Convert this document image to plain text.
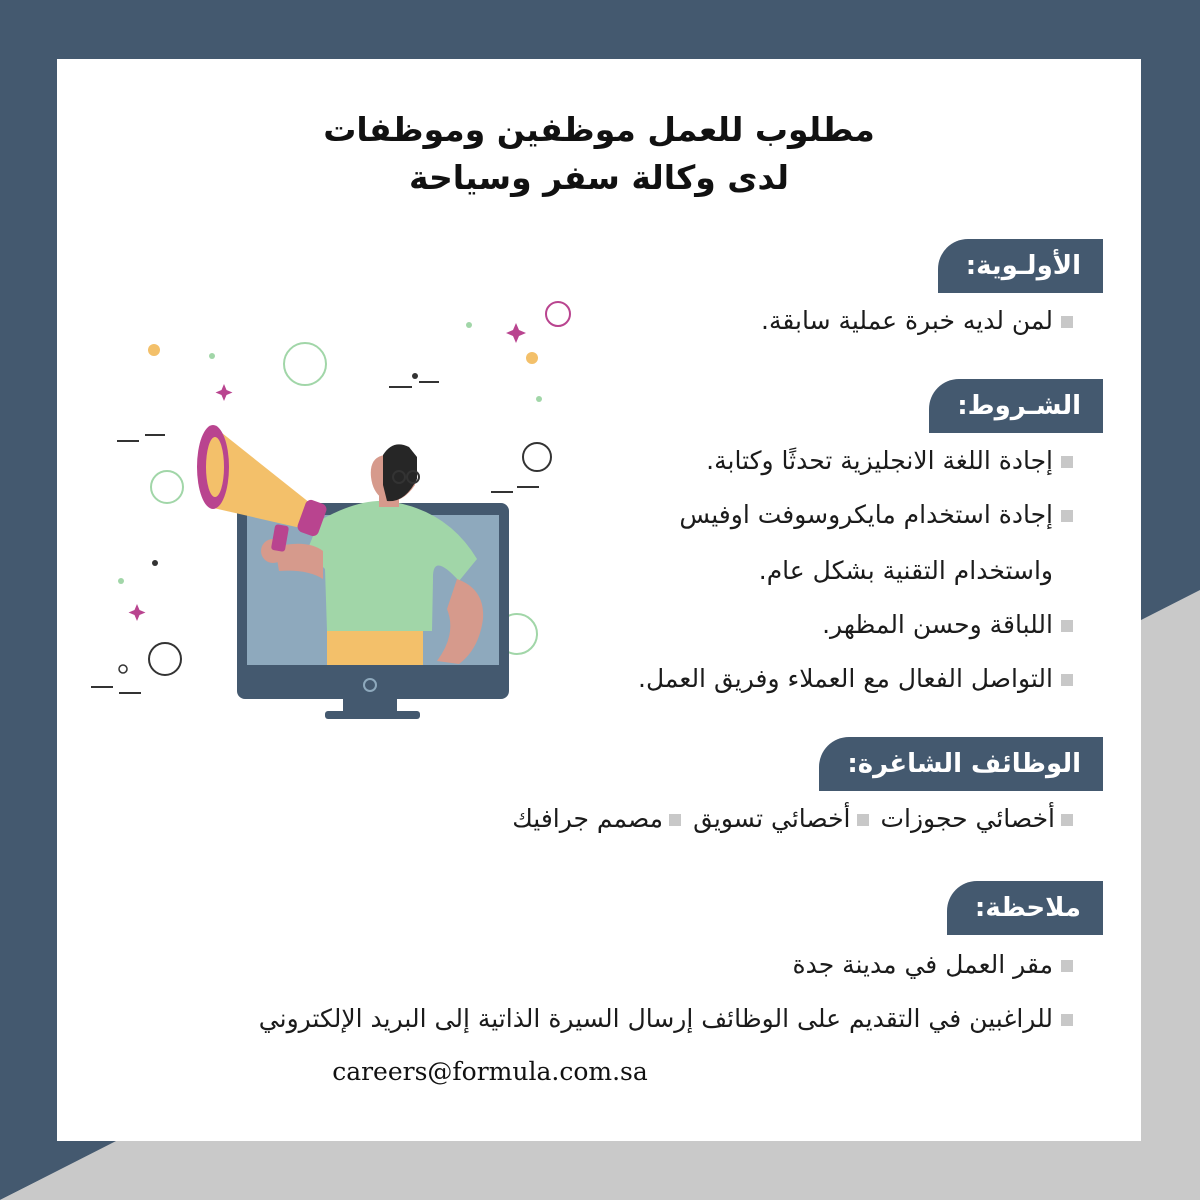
مطلوب للعمل موظفين وموظفات
لدى وكالة سفر وسياحة
الأولـوية:
لمن لديه خبرة عملية سابقة.
الشـروط:
إجادة اللغة الانجليزية تحدثًا وكتابة.
إجادة استخدام مايكروسوفت اوفيس
واستخدام التقنية بشكل عام.
اللباقة وحسن المظهر.
التواصل الفعال مع العملاء وفريق العمل.
الوظائف الشاغرة:
أخصائي حجوزاتأخصائي تسويقمصمم جرافيك
ملاحظة:
مقر العمل في مدينة جدة
للراغبين في التقديم على الوظائف إرسال السيرة الذاتية إلى البريد الإلكتروني
careers@formula.com.sa
